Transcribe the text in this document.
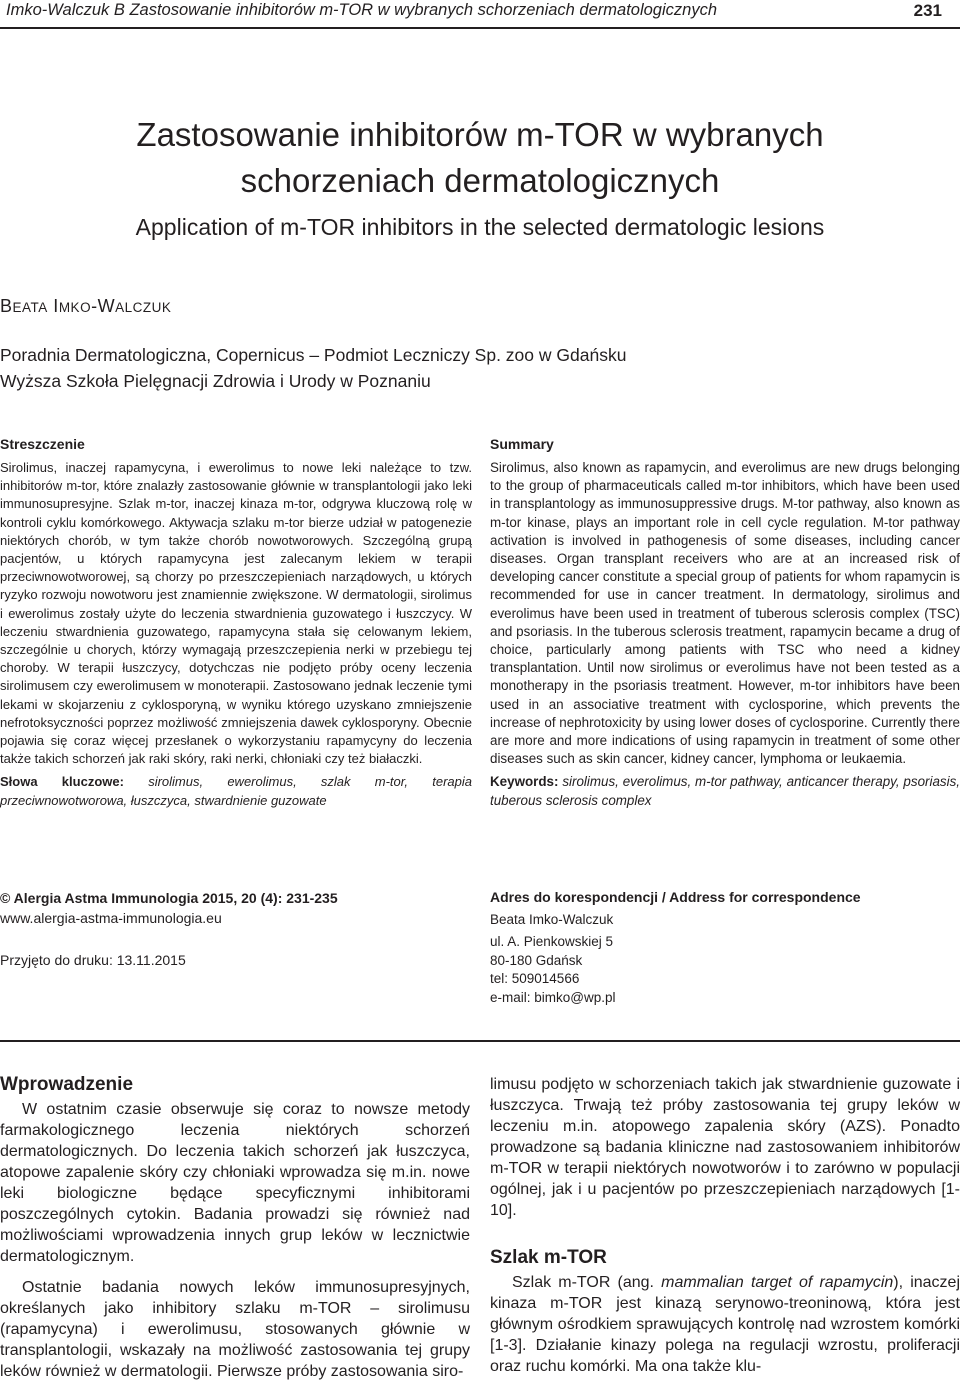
Imko-Walczuk B Zastosowanie inhibitorów m-TOR w wybranych schorzeniach dermatologicznych	231
Zastosowanie inhibitorów m-TOR w wybranych
schorzeniach dermatologicznych
Application of m-TOR inhibitors in the selected dermatologic lesions
BEATA IMKO-WALCZUK
Poradnia Dermatologiczna, Copernicus – Podmiot Leczniczy Sp. zoo w Gdańsku
Wyższa Szkoła Pielęgnacji Zdrowia i Urody w Poznaniu
Streszczenie

Sirolimus, inaczej rapamycyna, i ewerolimus to nowe leki należące to tzw. inhibitorów m-tor, które znalazły zastosowanie głównie w transplantologii jako leki immunosupresyjne. Szlak m-tor, inaczej kinaza m-tor, odgrywa kluczową rolę w kontroli cyklu komórkowego. Aktywacja szlaku m-tor bierze udział w patogenezie niektórych chorób, w tym także chorób nowotworowych. Szczególną grupą pacjentów, u których rapamycyna jest zalecanym lekiem w terapii przeciwnowotworowej, są chorzy po przeszczepieniach narządowych, u których ryzyko rozwoju nowotworu jest znamiennie zwiększone. W dermatologii, sirolimus i ewerolimus zostały użyte do leczenia stwardnienia guzowatego i łuszczycy. W leczeniu stwardnienia guzowatego, rapamycyna stała się celowanym lekiem, szczególnie u chorych, którzy wymagają przeszczepienia nerki w przebiegu tej choroby. W terapii łuszczycy, dotychczas nie podjęto próby oceny leczenia sirolimusem czy ewerolimusem w monoterapii. Zastosowano jednak leczenie tymi lekami w skojarzeniu z cyklosporyną, w wyniku którego uzyskano zmniejszenie nefrotoksyczności poprzez możliwość zmniejszenia dawek cyklosporyny. Obecnie pojawia się coraz więcej przesłanek o wykorzystaniu rapamycyny do leczenia także takich schorzeń jak raki skóry, raki nerki, chłoniaki czy też białaczki.

Słowa kluczowe: sirolimus, ewerolimus, szlak m-tor, terapia przeciwnowotworowa, łuszczyca, stwardnienie guzowate

Summary

Sirolimus, also known as rapamycin, and everolimus are new drugs belonging to the group of pharmaceuticals called m-tor inhibitors, which have been used in transplantology as immunosuppressive drugs. M-tor pathway, also known as m-tor kinase, plays an important role in cell cycle regulation. M-tor pathway activation is involved in pathogenesis of some diseases, including cancer diseases. Organ transplant receivers who are at an increased risk of developing cancer constitute a special group of patients for whom rapamycin is recommended for use in cancer treatment. In dermatology, sirolimus and everolimus have been used in treatment of tuberous sclerosis complex (TSC) and psoriasis. In the tuberous sclerosis treatment, rapamycin became a drug of choice, particularly among patients with TSC who need a kidney transplantation. Until now sirolimus or everolimus have not been tested as a monotherapy in the psoriasis treatment. However, m-tor inhibitors have been used in an associative treatment with cyclosporine, which prevents the increase of nephrotoxicity by using lower doses of cyclosporine. Currently there are more and more indications of using rapamycin in treatment of some other diseases such as skin cancer, kidney cancer, lymphoma or leukaemia.

Keywords: sirolimus, everolimus, m-tor pathway, anticancer therapy, psoriasis, tuberous sclerosis complex

© Alergia Astma Immunologia 2015, 20 (4): 231-235
www.alergia-astma-immunologia.eu
Przyjęto do druku: 13.11.2015
Adres do korespondencji / Address for correspondence
Beata Imko-Walczuk
ul. A. Pienkowskiej 5
80-180 Gdańsk
tel: 509014566
e-mail: bimko@wp.pl
Wprowadzenie

W ostatnim czasie obserwuje się coraz to nowsze metody farmakologicznego leczenia niektórych schorzeń dermatologicznych. Do leczenia takich schorzeń jak łuszczyca, atopowe zapalenie skóry czy chłoniaki wprowadza się m.in. nowe leki biologiczne będące specyficznymi inhibitorami poszczególnych cytokin. Badania prowadzi się również nad możliwościami wprowadzenia innych grup leków w lecznictwie dermatologicznym.

Ostatnie badania nowych leków immunosupresyjnych, określanych jako inhibitory szlaku m-TOR – sirolimusu (rapamycyna) i ewerolimusu, stosowanych głównie w transplantologii, wskazały na możliwość zastosowania tej grupy leków również w dermatologii. Pierwsze próby zastosowania siro-

limusu podjęto w schorzeniach takich jak stwardnienie guzowate i łuszczyca. Trwają też próby zastosowania tej grupy leków w leczeniu m.in. atopowego zapalenia skóry (AZS). Ponadto prowadzone są badania kliniczne nad zastosowaniem inhibitorów m-TOR w terapii niektórych nowotworów i to zarówno w populacji ogólnej, jak i u pacjentów po przeszczepieniach narządowych [1-10].

Szlak m-TOR

Szlak m-TOR (ang. mammalian target of rapamycin), inaczej kinaza m-TOR jest kinazą serynowo-treoninową, która jest głównym ośrodkiem sprawujących kontrolę nad wzrostem komórki [1-3]. Działanie kinazy polega na regulacji wzrostu, proliferacji oraz ruchu komórki. Ma ona także klu-
